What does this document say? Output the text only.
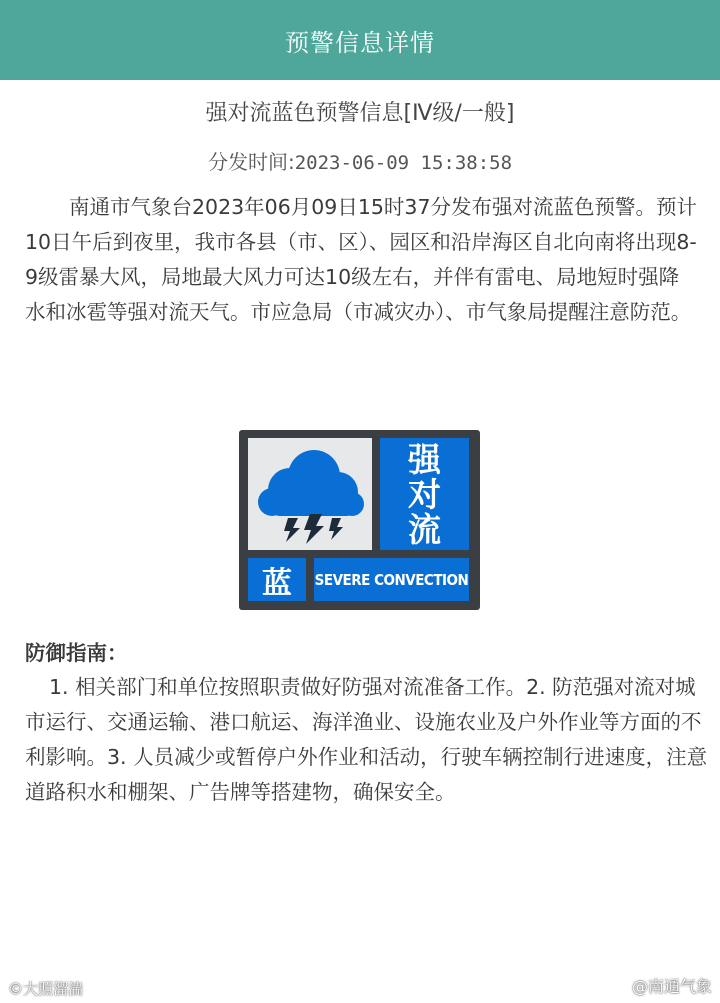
预警信息详情
强对流蓝色预警信息[Ⅳ级/一般]
分发时间:2023-06-09 15:38:58
南通市气象台2023年06月09日15时37分发布强对流蓝色预警。预计10日午后到夜里，我市各县（市、区）、园区和沿岸海区自北向南将出现8-9级雷暴大风，局地最大风力可达10级左右，并伴有雷电、局地短时强降水和冰雹等强对流天气。市应急局（市减灾办）、市气象局提醒注意防范。
强
对
流
蓝	SEVERE CONVECTION
防御指南：
1. 相关部门和单位按照职责做好防强对流准备工作。2. 防范强对流对城市运行、交通运输、港口航运、海洋渔业、设施农业及户外作业等方面的不利影响。3. 人员减少或暂停户外作业和活动，行驶车辆控制行进速度，注意道路积水和棚架、广告牌等搭建物，确保安全。
©大照溜湍	@南通气象
